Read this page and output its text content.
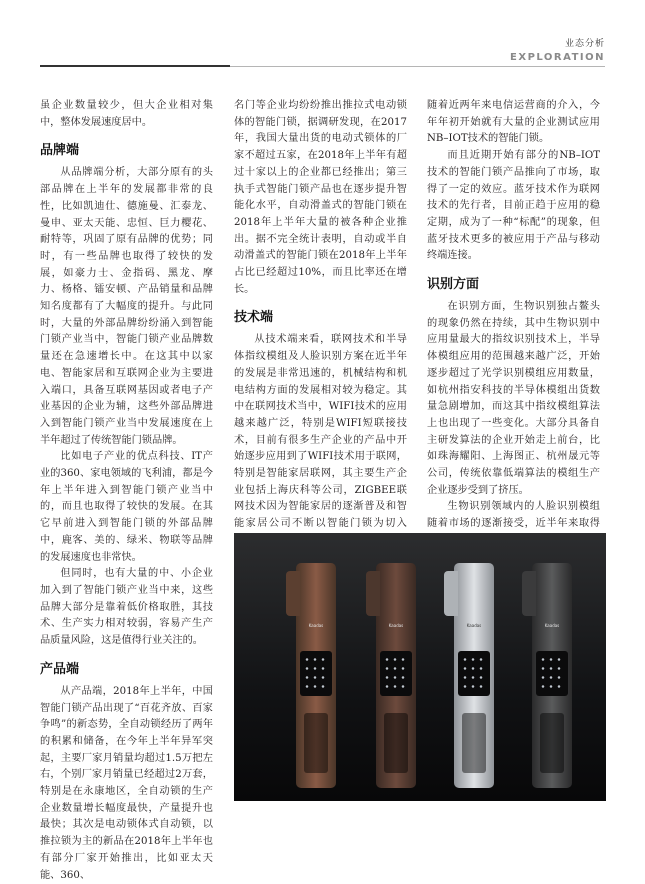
业态分析
EXPLORATION

虽企业数量较少，但大企业相对集中，整体发展速度居中。

品牌端

从品牌端分析，大部分原有的头部品牌在上半年的发展都非常的良性，比如凯迪仕、德施曼、汇泰龙、曼申、亚太天能、忠恒、巨力樱花、耐特等，巩固了原有品牌的优势；同时，有一些品牌也取得了较快的发展，如豪力士、金指码、黑龙、摩力、杨格、镭安顿、产品销量和品牌知名度都有了大幅度的提升。与此同时，大量的外部品牌纷纷涌入到智能门锁产业当中，智能门锁产业品牌数量还在急速增长中。在这其中以家电、智能家居和互联网企业为主要进入端口，具备互联网基因或者电子产业基因的企业为辅，这些外部品牌进入到智能门锁产业当中发展速度在上半年超过了传统智能门锁品牌。

比如电子产业的优点科技、IT产业的360、家电领域的飞利浦，都是今年上半年进入到智能门锁产业当中的，而且也取得了较快的发展。在其它早前进入到智能门锁的外部品牌中，鹿客、美的、绿米、物联等品牌的发展速度也非常快。

但同时，也有大量的中、小企业加入到了智能门锁产业当中来，这些品牌大部分是靠着低价格取胜，其技术、生产实力相对较弱，容易产生产品质量风险，这是值得行业关注的。

产品端

从产品端，2018年上半年，中国智能门锁产品出现了“百花齐放、百家争鸣”的新态势，全自动锁经历了两年的积累和储备，在今年上半年异军突起，主要厂家月销量均超过1.5万把左右，个别厂家月销量已经超过2万套，特别是在永康地区，全自动锁的生产企业数量增长幅度最快，产量提升也最快；其次是电动锁体式自动锁，以推拉锁为主的新品在2018年上半年也有部分厂家开始推出，比如亚太天能、360、

名门等企业均纷纷推出推拉式电动锁体的智能门锁，据调研发现，在2017年，我国大量出货的电动式锁体的厂家不超过五家，在2018年上半年有超过十家以上的企业都已经推出；第三执手式智能门锁产品也在逐步提升智能化水平，自动滑盖式的智能门锁在2018年上半年大量的被各种企业推出。据不完全统计表明，自动或半自动滑盖式的智能门锁在2018年上半年占比已经超过10%，而且比率还在增长。

技术端

从技术端来看，联网技术和半导体指纹模组及人脸识别方案在近半年的发展是非常迅速的，机械结构和机电结构方面的发展相对较为稳定。其中在联网技术当中，WIFI技术的应用越来越广泛，特别是WIFI短联接技术，目前有很多生产企业的产品中开始逐步应用到了WIFI技术用于联网，特别是智能家居联网，其主要生产企业包括上海庆科等公司，ZIGBEE联网技术因为智能家居的逐渐普及和智能家居公司不断以智能门锁为切入

随着近两年来电信运营商的介入，今年年初开始就有大量的企业测试应用NB–IOT技术的智能门锁。

而且近期开始有部分的NB–IOT技术的智能门锁产品推向了市场，取得了一定的效应。蓝牙技术作为联网技术的先行者，目前正趋于应用的稳定期，成为了一种“标配”的现象，但蓝牙技术更多的被应用于产品与移动终端连接。

识别方面

在识别方面，生物识别独占鳌头的现象仍然在持续，其中生物识别中应用量最大的指纹识别技术上，半导体模组应用的范围越来越广泛，开始逐步超过了光学识别模组应用数量，如杭州指安科技的半导体模组出货数量急剧增加，而这其中指纹模组算法上也出现了一些变化。大部分具备自主研发算法的企业开始走上前台，比如珠海耀阳、上海图正、杭州晟元等公司，传统依靠低端算法的模组生产企业逐步受到了挤压。

生物识别领域内的人脸识别模组随着市场的逐渐接受，近半年来取得

Kaadas	Kaadas	Kaadas	Kaadas
